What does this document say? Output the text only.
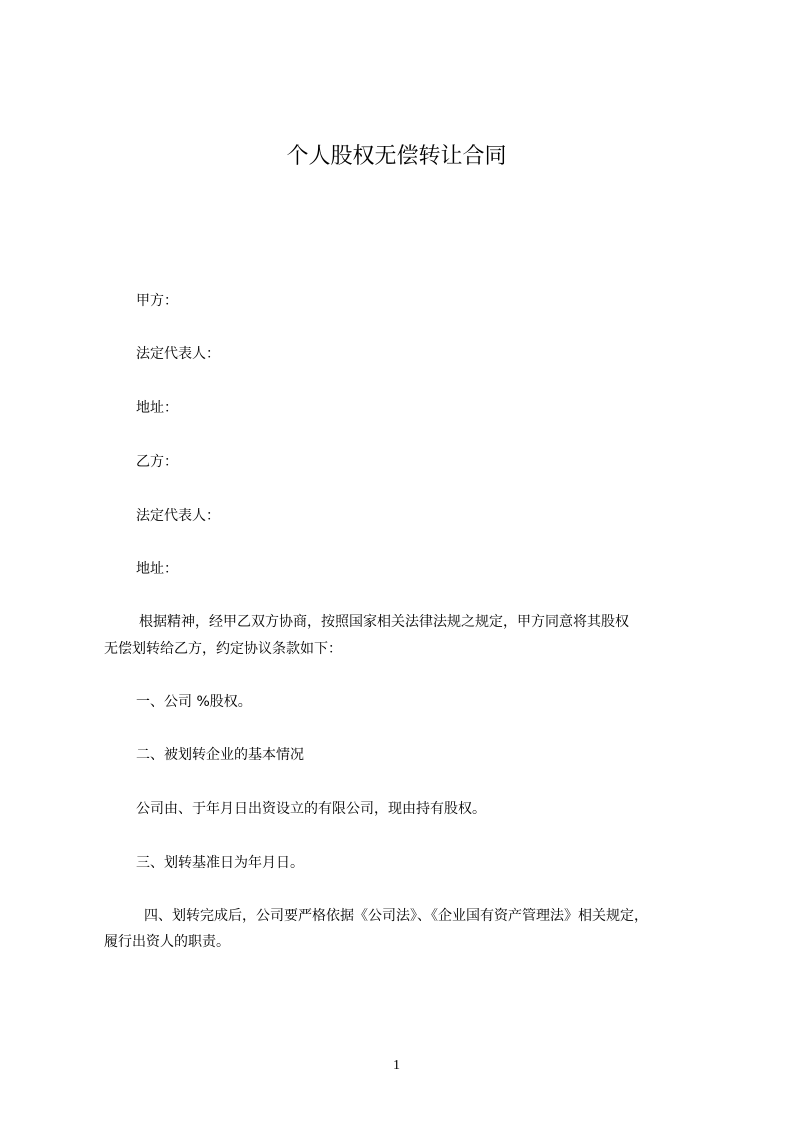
个人股权无偿转让合同
甲方：
法定代表人：
地址：
乙方：
法定代表人：
地址：
根据精神，经甲乙双方协商，按照国家相关法律法规之规定，甲方同意将其股权
无偿划转给乙方，约定协议条款如下：
一、公司 %股权。
二、被划转企业的基本情况
公司由、于年月日出资设立的有限公司，现由持有股权。
三、划转基准日为年月日。
四、划转完成后，公司要严格依据《公司法》、《企业国有资产管理法》相关规定，
履行出资人的职责。
1
